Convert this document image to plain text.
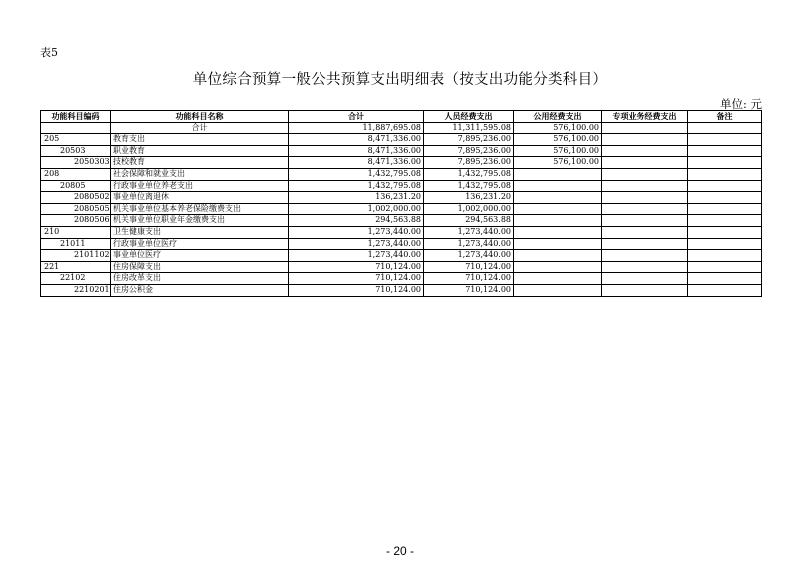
表5
单位综合预算一般公共预算支出明细表（按支出功能分类科目）
单位: 元
功能科目编码	功能科目名称	合计	人员经费支出	公用经费支出	专项业务经费支出	备注
	合计	11,887,695.08	11,311,595.08	576,100.00		
205	教育支出	8,471,336.00	7,895,236.00	576,100.00		
20503	职业教育	8,471,336.00	7,895,236.00	576,100.00		
2050303	技校教育	8,471,336.00	7,895,236.00	576,100.00		
208	社会保障和就业支出	1,432,795.08	1,432,795.08			
20805	行政事业单位养老支出	1,432,795.08	1,432,795.08			
2080502	事业单位离退休	136,231.20	136,231.20			
2080505	机关事业单位基本养老保险缴费支出	1,002,000.00	1,002,000.00			
2080506	机关事业单位职业年金缴费支出	294,563.88	294,563.88			
210	卫生健康支出	1,273,440.00	1,273,440.00			
21011	行政事业单位医疗	1,273,440.00	1,273,440.00			
2101102	事业单位医疗	1,273,440.00	1,273,440.00			
221	住房保障支出	710,124.00	710,124.00			
22102	住房改革支出	710,124.00	710,124.00			
2210201	住房公积金	710,124.00	710,124.00			
- 20 -
